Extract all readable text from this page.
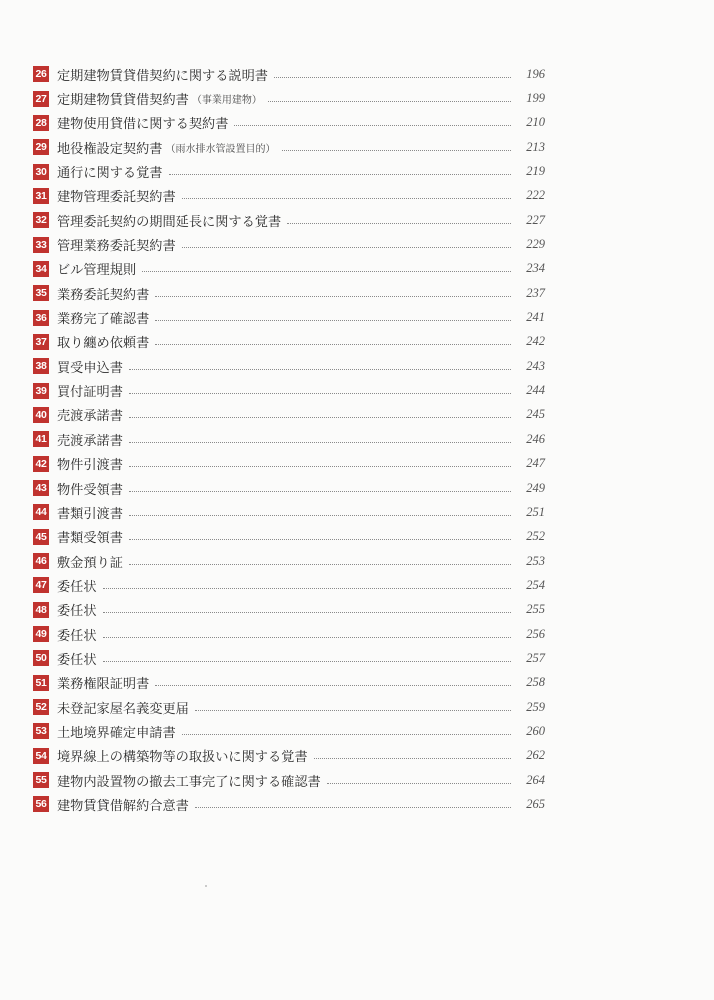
26 定期建物賃貸借契約に関する説明書	196
27 定期建物賃貸借契約書 （事業用建物）	199
28 建物使用貸借に関する契約書	210
29 地役権設定契約書 （雨水排水管設置目的）	213
30 通行に関する覚書	219
31 建物管理委託契約書	222
32 管理委託契約の期間延長に関する覚書	227
33 管理業務委託契約書	229
34 ビル管理規則	234
35 業務委託契約書	237
36 業務完了確認書	241
37 取り纏め依頼書	242
38 買受申込書	243
39 買付証明書	244
40 売渡承諾書	245
41 売渡承諾書	246
42 物件引渡書	247
43 物件受領書	249
44 書類引渡書	251
45 書類受領書	252
46 敷金預り証	253
47 委任状	254
48 委任状	255
49 委任状	256
50 委任状	257
51 業務権限証明書	258
52 未登記家屋名義変更届	259
53 土地境界確定申請書	260
54 境界線上の構築物等の取扱いに関する覚書	262
55 建物内設置物の撤去工事完了に関する確認書	264
56 建物賃貸借解約合意書	265
